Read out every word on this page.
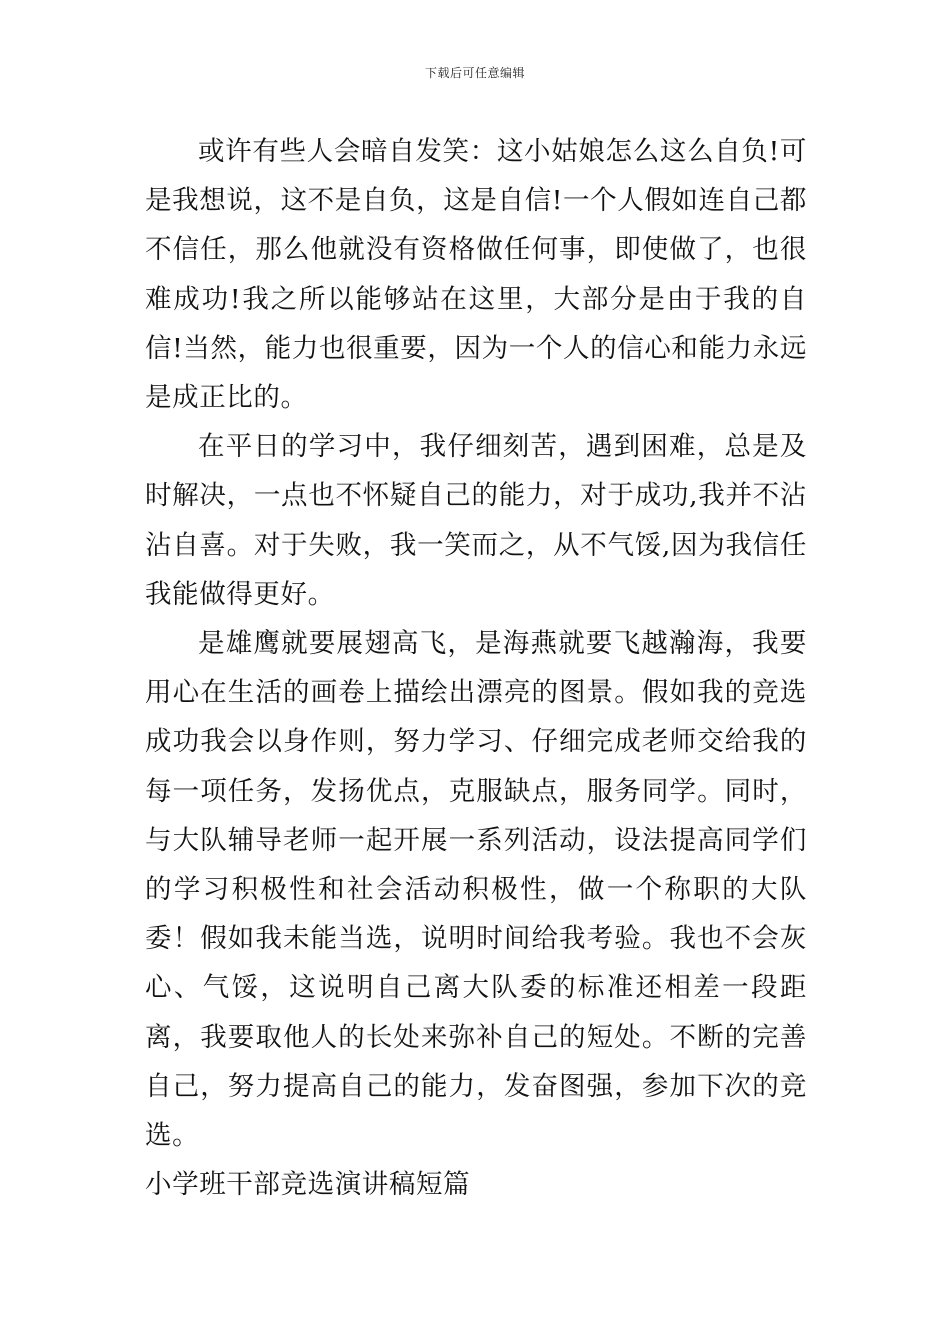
下载后可任意编辑

或许有些人会暗自发笑：这小姑娘怎么这么自负!可是我想说，这不是自负，这是自信!一个人假如连自己都不信任，那么他就没有资格做任何事，即使做了，也很难成功!我之所以能够站在这里，大部分是由于我的自信!当然，能力也很重要，因为一个人的信心和能力永远是成正比的。

在平日的学习中，我仔细刻苦，遇到困难，总是及时解决，一点也不怀疑自己的能力，对于成功,我并不沾沾自喜。对于失败，我一笑而之，从不气馁,因为我信任我能做得更好。

是雄鹰就要展翅高飞，是海燕就要飞越瀚海，我要用心在生活的画卷上描绘出漂亮的图景。假如我的竞选成功我会以身作则，努力学习、仔细完成老师交给我的每一项任务，发扬优点，克服缺点，服务同学。同时，与大队辅导老师一起开展一系列活动，设法提高同学们的学习积极性和社会活动积极性，做一个称职的大队委！假如我未能当选，说明时间给我考验。我也不会灰心、气馁，这说明自己离大队委的标准还相差一段距离，我要取他人的长处来弥补自己的短处。不断的完善自己，努力提高自己的能力，发奋图强，参加下次的竞选。

小学班干部竞选演讲稿短篇
